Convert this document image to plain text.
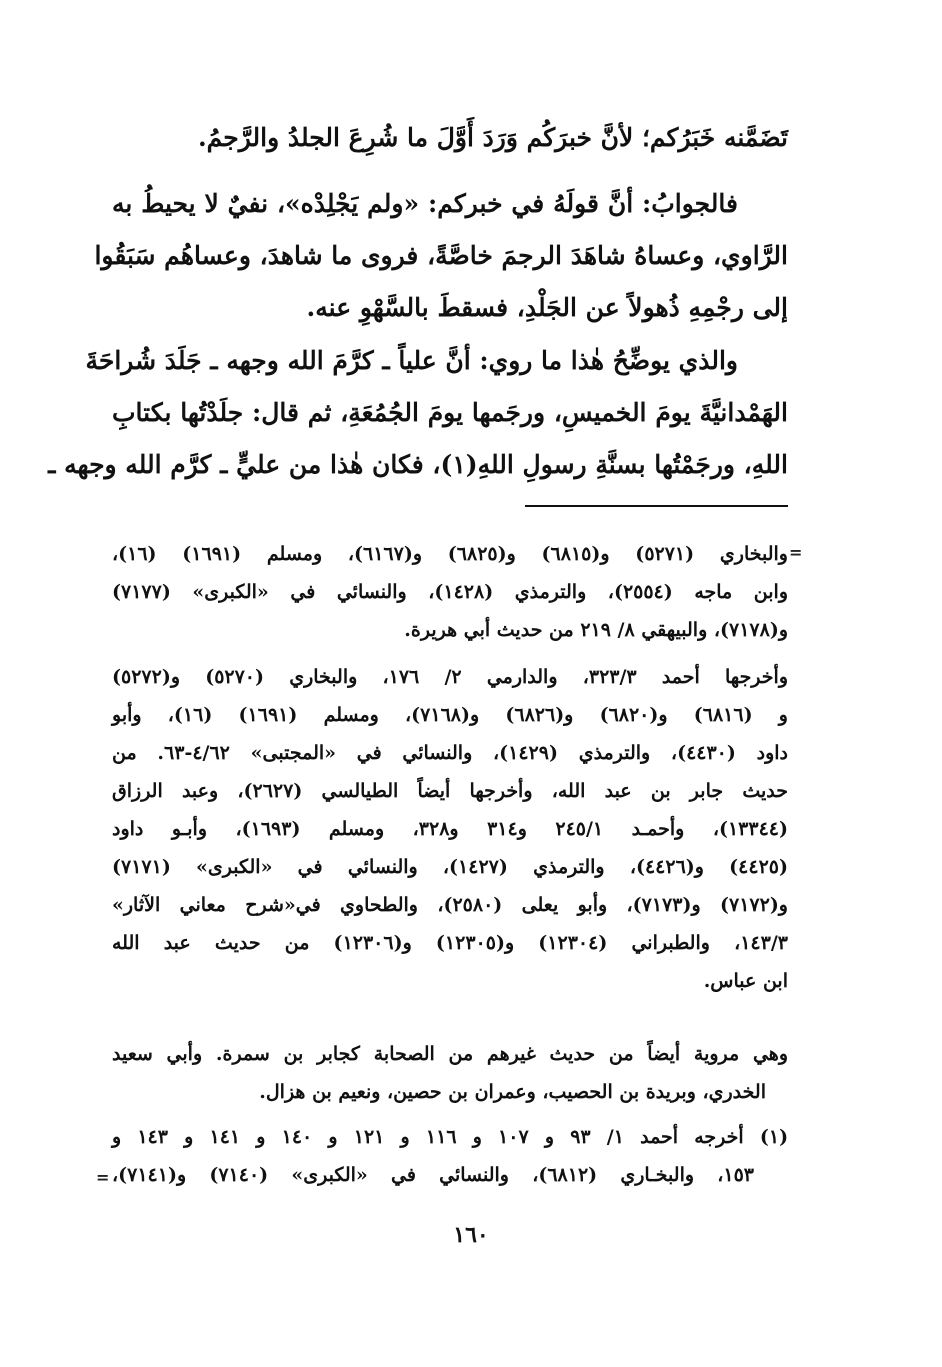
تَضَمَّنه خَبَرُكم؛ لأنَّ خبرَكُم وَرَدَ أَوَّلَ ما شُرِعَ الجلدُ والرَّجمُ.

فالجوابُ: أنَّ قولَهُ في خبركم: «ولم يَجْلِدْه»، نفيٌ لا يحيطُ به
الرَّاوي، وعساهُ شاهَدَ الرجمَ خاصَّةً، فروى ما شاهدَ، وعساهُم سَبَقُوا
إلى رجْمِهِ ذُهولاً عن الجَلْدِ، فسقطَ بالسَّهْوِ عنه.

والذي يوضِّحُ هٰذا ما روي: أنَّ علياً ـ كرَّمَ الله وجهه ـ جَلَدَ شُراحَةَ
الهَمْدانيَّةَ يومَ الخميسِ، ورجَمها يومَ الجُمُعَةِ، ثم قال: جلَدْتُها بكتابِ
اللهِ، ورجَمْتُها بسنَّةِ رسولِ اللهِ(١)، فكان هٰذا من عليٍّ ـ كرَّم الله وجهه ـ

=

والبخاري (٥٢٧١) و(٦٨١٥) و(٦٨٢٥) و(٦١٦٧)، ومسلم (١٦٩١) (١٦)،
وابن ماجه (٢٥٥٤)، والترمذي (١٤٢٨)، والنسائي في «الكبرى» (٧١٧٧)
و(٧١٧٨)، والبيهقي ٨/ ٢١٩ من حديث أبي هريرة.

وأخرجها أحمد ٣٢٣/٣، والدارمي ٢/ ١٧٦، والبخاري (٥٢٧٠) و(٥٢٧٢)
و (٦٨١٦) و(٦٨٢٠) و(٦٨٢٦) و(٧١٦٨)، ومسلم (١٦٩١) (١٦)، وأبو
داود (٤٤٣٠)، والترمذي (١٤٢٩)، والنسائي في «المجتبى» ٤/٦٢-٦٣. من
حديث جابر بن عبد الله، وأخرجها أيضاً الطيالسي (٢٦٢٧)، وعبد الرزاق
(١٣٣٤٤)، وأحمـد ٢٤٥/١ و٣١٤ و٣٢٨، ومسلم (١٦٩٣)، وأبـو داود
(٤٤٢٥) و(٤٤٢٦)، والترمذي (١٤٢٧)، والنسائي في «الكبرى» (٧١٧١)
و(٧١٧٢) و(٧١٧٣)، وأبو يعلى (٢٥٨٠)، والطحاوي في«شرح معاني الآثار»
١٤٣/٣، والطبراني (١٢٣٠٤) و(١٢٣٠٥) و(١٢٣٠٦) من حديث عبد الله
ابن عباس.

وهي مروية أيضاً من حديث غيرهم من الصحابة كجابر بن سمرة. وأبي سعيد
الخدري، وبريدة بن الحصيب، وعمران بن حصين، ونعيم بن هزال.

(١) أخرجه أحمد ١/ ٩٣ و ١٠٧ و ١١٦ و ١٢١ و ١٤٠ و ١٤١ و ١٤٣ و
١٥٣، والبخـاري (٦٨١٢)، والنسائي في «الكبرى» (٧١٤٠) و(٧١٤١)،

=
١٦٠
